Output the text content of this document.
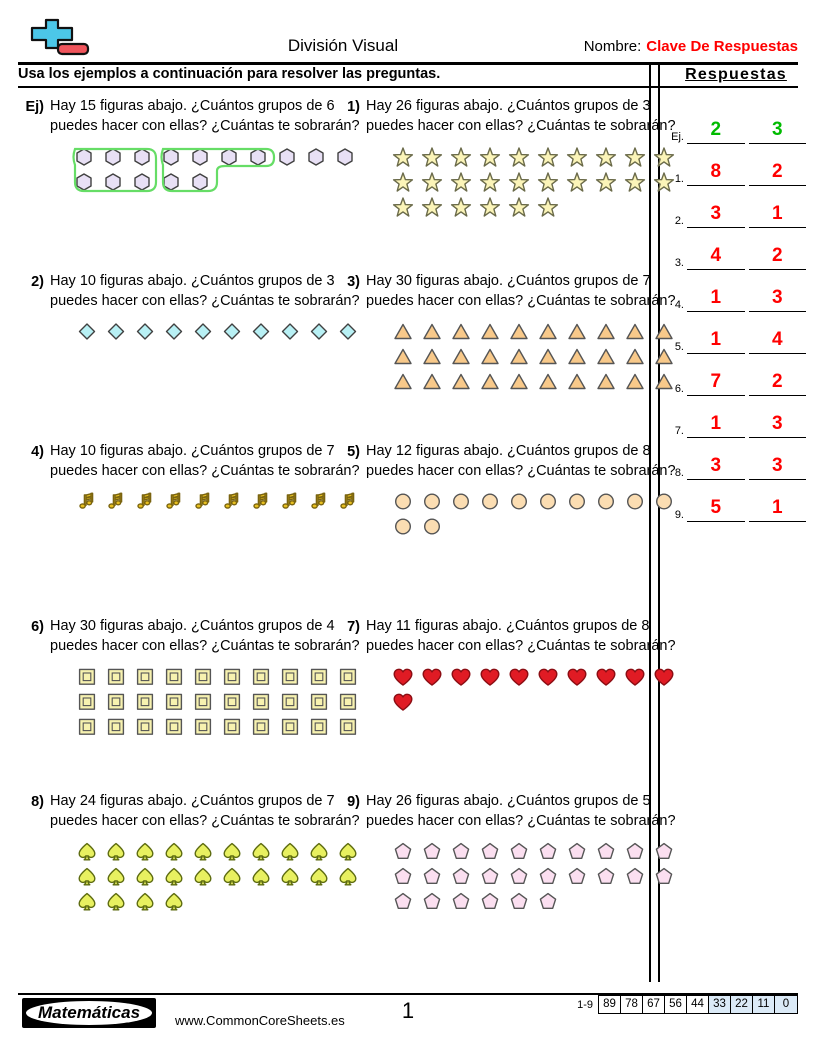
División Visual	Nombre: Clave De Respuestas
Usa los ejemplos a continuación para resolver las preguntas.
Ej) Hay 15 figuras abajo. ¿Cuántos grupos de 6 puedes hacer con ellas? ¿Cuántas te sobrarán?
1) Hay 26 figuras abajo. ¿Cuántos grupos de 3 puedes hacer con ellas? ¿Cuántas te sobrarán?
2) Hay 10 figuras abajo. ¿Cuántos grupos de 3 puedes hacer con ellas? ¿Cuántas te sobrarán?
3) Hay 30 figuras abajo. ¿Cuántos grupos de 7 puedes hacer con ellas? ¿Cuántas te sobrarán?
4) Hay 10 figuras abajo. ¿Cuántos grupos de 7 puedes hacer con ellas? ¿Cuántas te sobrarán?
5) Hay 12 figuras abajo. ¿Cuántos grupos de 8 puedes hacer con ellas? ¿Cuántas te sobrarán?
6) Hay 30 figuras abajo. ¿Cuántos grupos de 4 puedes hacer con ellas? ¿Cuántas te sobrarán?
7) Hay 11 figuras abajo. ¿Cuántos grupos de 8 puedes hacer con ellas? ¿Cuántas te sobrarán?
8) Hay 24 figuras abajo. ¿Cuántos grupos de 7 puedes hacer con ellas? ¿Cuántas te sobrarán?
9) Hay 26 figuras abajo. ¿Cuántos grupos de 5 puedes hacer con ellas? ¿Cuántas te sobrarán?
Respuestas
Ej.	2	3
1.	8	2
2.	3	1
3.	4	2
4.	1	3
5.	1	4
6.	7	2
7.	1	3
8.	3	3
9.	5	1
Matemáticas	www.CommonCoreSheets.es	1	1-9 89 78 67 56 44 33 22 11	0
